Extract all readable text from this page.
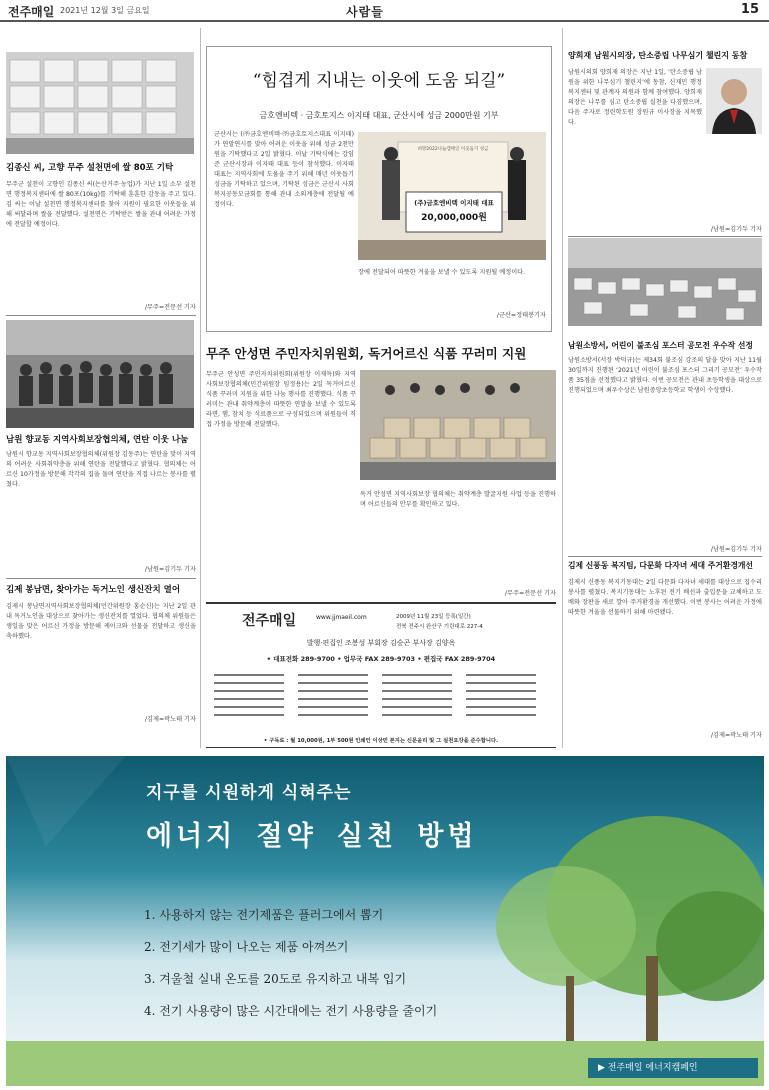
전주매일 2021년 12월 3일 금요일	사람들	15
김종신 씨, 고향 무주 설천면에 쌀 80포 기탁
무주군 설천이 고향인 김종신 씨(논산거주·농업)가 지난 1일 소부 설천면 행정복지센터에 쌀 80포(10kg)를 기탁해 훈훈한 감동을 주고 있다. 김 씨는 이날 설천면 행정복지센터를 찾아 지원이 필요한 이웃들을 위해 써달라며 쌀을 전달했다. 설천면은 기탁받은 쌀을 관내 어려운 가정에 전달할 예정이다.
/무주=전문선 기자
남원 향교동 지역사회보장협의체, 연탄 이웃 나눔
남원시 향교동 지역사회보장협의체(위원장 김동주)는 연탄을 맞이 지역의 어려운 사회취약층을 위해 연탄을 전달했다고 밝혔다. 협의체는 어르신 10가정을 방문해 각각의 집을 돌며 연탄을 직접 나르는 봉사를 펼쳤다.
/남원=김기두 기자
김제 봉남면, 찾아가는 독거노인 생신잔치 열어
김제시 봉남면지역사회보장협의체(민간위원장 홍순신)는 지난 2일 관내 독거노인을 대상으로 찾아가는 생신잔치를 열었다. 협의체 위원들은 생일을 맞은 어르신 가정을 방문해 케이크와 선물을 전달하고 생신을 축하했다.
/김제=곽노태 기자
“힘겹게 지내는 이웃에 도움 되길”
금호엔비텍 · 금호토지스 이지태 대표, 군산시에 성금 2000만원 기부
군산시는 (㈜금호엔비텍·㈜금호토지스대표 이지태)가 연말연시를 맞아 어려운 이웃을 위해 성금 2천만원을 기탁했다고 2일 밝혔다. 이날 기탁식에는 강임준 군산시장과 이지태 대표 등이 참석했다. 이지태 대표는 지역사회에 도움을 주기 위해 매년 이웃돕기 성금을 기탁하고 있으며, 기탁된 성금은 군산시 사회복지공동모금회를 통해 관내 소외계층에 전달될 예정이다.
희망2022나눔캠페인 이웃돕기 성금
(주)금호엔비텍 이지태 대표
20,000,000원
장에 전달되어 따뜻한 겨울을 보낼 수 있도록 지원될 예정이다.
/군산=정태봉기자
무주 안성면 주민자치위원회, 독거어르신 식품 꾸러미 지원
무주군 안성면 주민자치위원회(위원장 이재득)와 지역사회보장협의체(민간위원장 임정용)는 2일 독거어르신 식품 꾸러미 지원을 위한 나눔 행사를 진행했다. 식품 꾸러미는 관내 취약계층이 따뜻한 연말을 보낼 수 있도록 라면, 햄, 참치 등 식료품으로 구성되었으며 위원들이 직접 가정을 방문해 전달했다.
독거 안성면 지역사회보장 협의체는 취약계층 발굴지원 사업 등을 진행하며 어르신들의 안부를 확인하고 있다.
/무주=전문선 기자
전주매일	www.jjmaeil.com	2009년 11월 23일 등록(일간)
전북 전주시 완산구 기린대로 227-4
발행·편집인 조봉성 부회장 김승곤 부사장 김양옥
• 대표전화 289-9700 • 업무국 FAX 289-9703 • 편집국 FAX 289-9704
• 구독료 : 월 10,000원, 1부 500원 인쇄인 이상민 본지는 신문윤리 및 그 실천요강을 준수합니다.
양희재 남원시의장, 탄소중립 나무심기 챌린지 동참
남원시의회 양희재 의장은 지난 1일, ‘탄소중립 남원을 위한 나무심기 챌린지’에 동참, 신재민 행정복지센터 및 관계자 의원과 함께 참여했다. 양희재 의장은 나무를 심고 탄소중립 실천을 다짐했으며, 다음 주자로 정린학도원 장원규 이사장을 지목했다.
/남원=김기두 기자
남원소방서, 어린이 불조심 포스터 공모전 우수작 선정
남원소방서(서장 박덕규)는 제34회 불조심 강조의 달을 맞아 지난 11월 30일까지 진행된 ‘2021년 어린이 불조심 포스터 그리기 공모전’ 우수작품 35점을 선정했다고 밝혔다. 이번 공모전은 관내 초등학생을 대상으로 진행되었으며 최우수상은 남원중앙초등학교 학생이 수상했다.
/남원=김기두 기자
김제 신풍동 복지팀, 다문화 다자녀 세대 주거환경개선
김제시 신풍동 복지기동대는 2일 다문화 다자녀 세대를 대상으로 집수리 봉사를 펼쳤다. 복지기동대는 노후된 전기 배선과 출입문을 교체하고 도배와 장판을 새로 깔아 주거환경을 개선했다. 이번 봉사는 어려운 가정에 따뜻한 겨울을 선물하기 위해 마련됐다.
/김제=곽노태 기자
지구를 시원하게 식혀주는
에너지 절약 실천 방법
1. 사용하지 않는 전기제품은 플러그에서 뽑기
2. 전기세가 많이 나오는 제품 아껴쓰기
3. 겨울철 실내 온도를 20도로 유지하고 내복 입기
4. 전기 사용량이 많은 시간대에는 전기 사용량을 줄이기
▶ 전주매일 에너지캠페인
